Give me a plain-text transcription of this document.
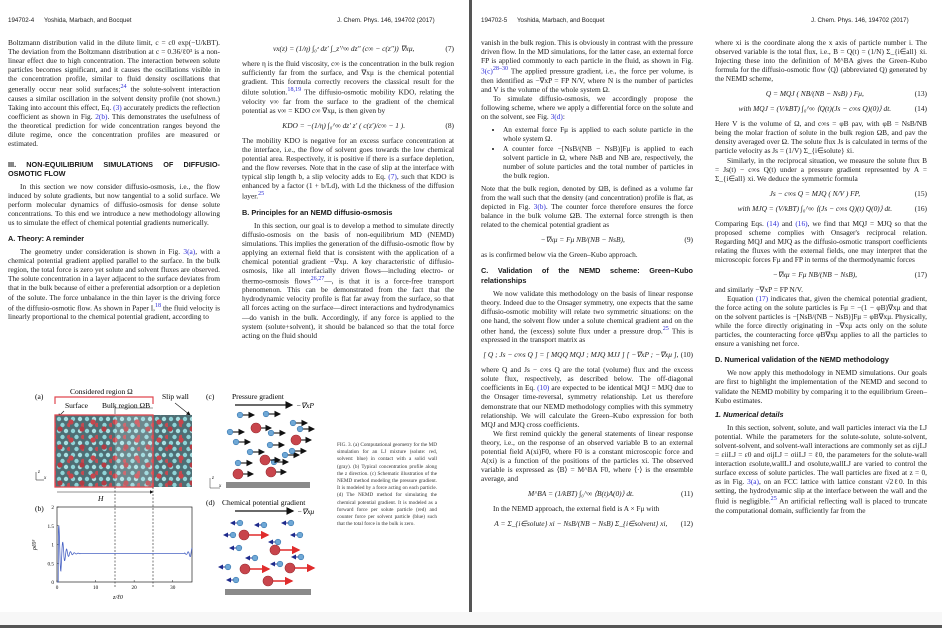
194702-4 Yoshida, Marbach, and Bocquet	J. Chem. Phys. 146, 194702 (2017)

Boltzmann distribution valid in the dilute limit, c = c0 exp(−U/kBT). The deviation from the Boltzmann distribution at c = 0.36/ℓ0³ is a non-linear effect due to high concentration. The interaction between solute particles becomes significant, and it causes the oscillations visible in the concentration profile, similar to fluid density oscillations that generally occur near solid surfaces;$^{24}$ the solute-solvent interaction causes a similar oscillation in the solvent density profile (not shown.) Taking into account this effect, Eq. (3) accurately predicts the reflection coefficient as shown in Fig. 2(b). This demonstrates the usefulness of the theoretical prediction for wide concentration ranges beyond the dilute regime, once the concentration profiles are measured or estimated.

III. NON-EQUILIBRIUM SIMULATIONS OF DIFFUSIO-OSMOTIC FLOW

In this section we now consider diffusio-osmosis, i.e., the flow induced by solute gradients, but now tangential to a solid surface. We perform molecular dynamics of diffusio-osmosis for dense solute concentrations. To this end we introduce a new methodology allowing us to simulate the effect of chemical potential gradients numerically.

A. Theory: A reminder

The geometry under consideration is shown in Fig. 3(a), with a chemical potential gradient applied parallel to the surface. In the bulk region, the total force is zero yet solute and solvent fluxes are observed. The solute concentration in a layer adjacent to the surface deviates from that in the bulk because of either a preferential adsorption or a depletion of the solute. The force unbalance in the thin layer is the driving force of the diffusio-osmotic flow. As shown in Paper I,$^{18}$ the fluid velocity is linearly proportional to the chemical potential gradient, according to

vx(z) = (1/η) ∫₀ᶻ dz′ ∫_z′^∞ dz″ (c∞ − c(z″)) ∇xμ,	(7)

where η is the fluid viscosity, c∞ is the concentration in the bulk region sufficiently far from the surface, and ∇xμ is the chemical potential gradient. This formula correctly recovers the classical result for the dilute solution.$^{18,19}$ The diffusio-osmotic mobility KDO, relating the velocity v∞ far from the surface to the gradient of the chemical potential as v∞ = KDO c∞ ∇xμ, is then given by

KDO = −(1/η) ∫₀^∞ dz′ z′ ( c(z′)/c∞ − 1 ).	(8)

The mobility KDO is negative for an excess surface concentration at the interface, i.e., the flow of solvent goes towards the low chemical potential area. Respectively, it is positive if there is a surface depletion, and the flow reverses. Note that in the case of slip at the interface with typical slip length b, a slip velocity adds to Eq. (7), such that KDO is enhanced by a factor (1 + b/Ld), with Ld the thickness of the diffusion layer.$^{25}$

B. Principles for an NEMD diffusio-osmosis

In this section, our goal is to develop a method to simulate directly diffusio-osmosis on the basis of non-equilibrium MD (NEMD) simulations. This implies the generation of the diffusio-osmotic flow by applying an external field that is consistent with the application of a chemical potential gradient −∇xμ. A key characteristic of diffusio-osmosis, like all interfacially driven flows—including electro- or thermo-osmosis flows$^{26,27}$—, is that it is a force-free transport phenomenon. This can be demonstrated from the fact that the hydrodynamic velocity profile is flat far away from the surface, so that all forces acting on the surface—direct interactions and hydrodynamics—do vanish in the bulk. Accordingly, if any force is applied to the system (solute+solvent), it should be balanced so that the total force acting on the fluid should

(a)
Considered region Ω
Surface Bulk region ΩB
Slip wall
z
x
H
(b)
0
0.5
1
1.5
2
0	10	20	30
ρℓ0³
z/ℓ0
(c) Pressure gradient
−∇xP
z
x
(d) Chemical potential gradient
−∇xμ
FIG. 3. (a) Computational geometry for the MD simulation for an LJ mixture (solute: red, solvent: blue) in contact with a solid wall (gray). (b) Typical concentration profile along the z direction. (c) Schematic illustration of the NEMD method modeling the pressure gradient. It is modeled by a force acting on each particle. (d) The NEMD method for simulating the chemical potential gradient. It is modeled as a forward force per solute particle (red) and counter force per solvent particle (blue) such that the total force in the bulk is zero.
194702-5 Yoshida, Marbach, and Bocquet	J. Chem. Phys. 146, 194702 (2017)

vanish in the bulk region. This is obviously in contrast with the pressure driven flow. In the MD simulations, for the latter case, an external force FP is applied commonly to each particle in the fluid, as shown in Fig. $3(c)^{28-30}$ The applied pressure gradient, i.e., the force per volume, is then identified as −∇xP = FP N/V, where N is the number of particles and V is the volume of the whole system Ω.

To simulate diffusio-osmosis, we accordingly propose the following scheme, where we apply a differential force on the solute and on the solvent, see Fig. 3(d):

• An external force Fμ is applied to each solute particle in the whole system Ω.
• A counter force −[NsB/(NB − NsB)]Fμ is applied to each solvent particle in Ω, where NsB and NB are, respectively, the number of solute particles and the total number of particles in the bulk region.

Note that the bulk region, denoted by ΩB, is defined as a volume far from the wall such that the density (and concentration) profile is flat, as depicted in Fig. 3(b). The counter force therefore ensures the force balance in the bulk volume ΩB. The external force strength is then related to the chemical potential gradient as

−∇xμ = Fμ NB/(NB − NsB),	(9)

as is confirmed below via the Green–Kubo approach.

C. Validation of the NEMD scheme: Green–Kubo relationships

We now validate this methodology on the basis of linear response theory. Indeed due to the Onsager symmetry, one expects that the same diffusio-osmotic mobility will relate two symmetric situations: on the one hand, the solvent flow under a solute chemical gradient and on the other hand, the (excess) solute flux under a pressure drop.$^{25}$ This is expressed in the transport matrix as

[ Q ; Js − c∞s Q ] = [ MQQ MQJ ; MJQ MJJ ] [ −∇xP ; −∇xμ ], (10)

where Q and Js − c∞s Q are the total (volume) flux and the excess solute flux, respectively, as described below. The off-diagonal coefficients in Eq. (10) are expected to be identical MQJ = MJQ due to the Onsager time-reversal, symmetry relationship. Let us therefore demonstrate that our NEMD methodology complies with this symmetry relationship. We will calculate the Green–Kubo expression for both MQJ and MJQ cross coefficients.

We first remind quickly the general statements of linear response theory, i.e., on the response of an observed variable B to an external potential field A(xi)F0, where F0 is a constant microscopic force and A(xi) is a function of the positions of the particles xi. The observed variable is expressed as ⟨B⟩ = M^BA F0, where ⟨·⟩ is the ensemble average, and

M^BA = (1/kBT) ∫₀^∞ ⟨B(t)A(0)⟩ dt.	(11)

In the NEMD approach, the external field is A × Fμ with

A = Σ_{i∈solute} xi − NsB/(NB − NsB) Σ_{i∈solvent} xi,	(12)

where xi is the coordinate along the x axis of particle number i. The observed variable is the total flux, i.e., B = Q(t) = (1/N) Σ_{i∈all} ẋi. Injecting these into the definition of M^BA gives the Green–Kubo formula for the diffusio-osmotic flow ⟨Q⟩ (abbreviated Q) generated by the NEMD scheme,

Q = MQJ ( NB/(NB − NsB) ) Fμ,	(13)
with MQJ = (V/kBT) ∫₀^∞ ⟨Q(t)(Js − c∞s Q)(0)⟩ dt.	(14)

Here V is the volume of Ω, and c∞s = φB ρav, with φB = NsB/NB being the molar fraction of solute in the bulk region ΩB, and ρav the density averaged over Ω. The solute flux Js is calculated in terms of the particle velocity as Js = (1/V) Σ_{i∈solute} ẋi.

Similarly, in the reciprocal situation, we measure the solute flux B = Js(t) − c∞s Q(t) under a pressure gradient represented by A = Σ_{i∈all} xi. We deduce the symmetric formula

Js − c∞s Q = MJQ ( N/V ) FP,	(15)
with MJQ = (V/kBT) ∫₀^∞ ⟨(Js − c∞s Q)(t) Q(0)⟩ dt.	(16)

Comparing Eqs. (14) and (16), we find that MQJ = MJQ so that the proposed scheme complies with Onsager's reciprocal relation. Regarding MQJ and MJQ as the diffusio-osmotic transport coefficients relating the fluxes with the external fields, one may interpret that the microscopic forces Fμ and FP in terms of the thermodynamic forces

−∇xμ = Fμ NB/(NB − NsB),	(17)

and similarly −∇xP = FP N/V.

Equation (17) indicates that, given the chemical potential gradient, the force acting on the solute particles is Fμ = −(1 − φB)∇xμ and that on the solvent particles is −[NsB/(NB − NsB)]Fμ = φB∇xμ. Physically, while the force directly originating in −∇xμ acts only on the solute particles, the counteracting force φB∇xμ applies to all the particles to ensure a vanishing net force.

D. Numerical validation of the NEMD methodology

We now apply this methodology in NEMD simulations. Our goals are first to highlight the implementation of the NEMD and second to validate the NEMD mobility by comparing it to the equilibrium Green–Kubo estimates.

1. Numerical details

In this section, solvent, solute, and wall particles interact via the LJ potential. While the parameters for the solute-solute, solute-solvent, solvent-solvent, and solvent-wall interactions are commonly set as εijLJ = εiiLJ = ε0 and σijLJ = σiiLJ = ℓ0, the parameters for the solute-wall interaction εsolute,wallLJ and σsolute,wallLJ are varied to control the surface excess of solute particles. The wall particles are fixed at z = 0, as in Fig. 3(a), on an FCC lattice with lattice constant √2ℓ0. In this setting, the hydrodynamic slip at the interface between the wall and the fluid is negligible.$^{25}$ An artificial reflecting wall is placed to truncate the computational domain, sufficiently far from the
